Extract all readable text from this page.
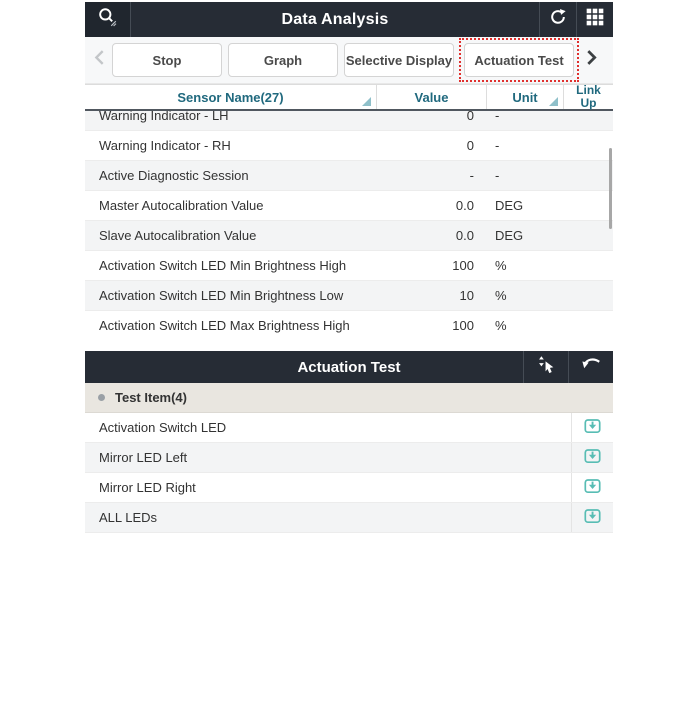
Data Analysis
Stop	Graph	Selective Display	Actuation Test
Sensor Name(27)	Value	Unit	Link Up
Warning Indicator - LH	0	-
Warning Indicator - RH	0	-
Active Diagnostic Session	-	-
Master Autocalibration Value	0.0	DEG
Slave Autocalibration Value	0.0	DEG
Activation Switch LED Min Brightness High	100	%
Activation Switch LED Min Brightness Low	10	%
Activation Switch LED Max Brightness High	100	%
Actuation Test
Test Item(4)
Activation Switch LED
Mirror LED Left
Mirror LED Right
ALL LEDs
